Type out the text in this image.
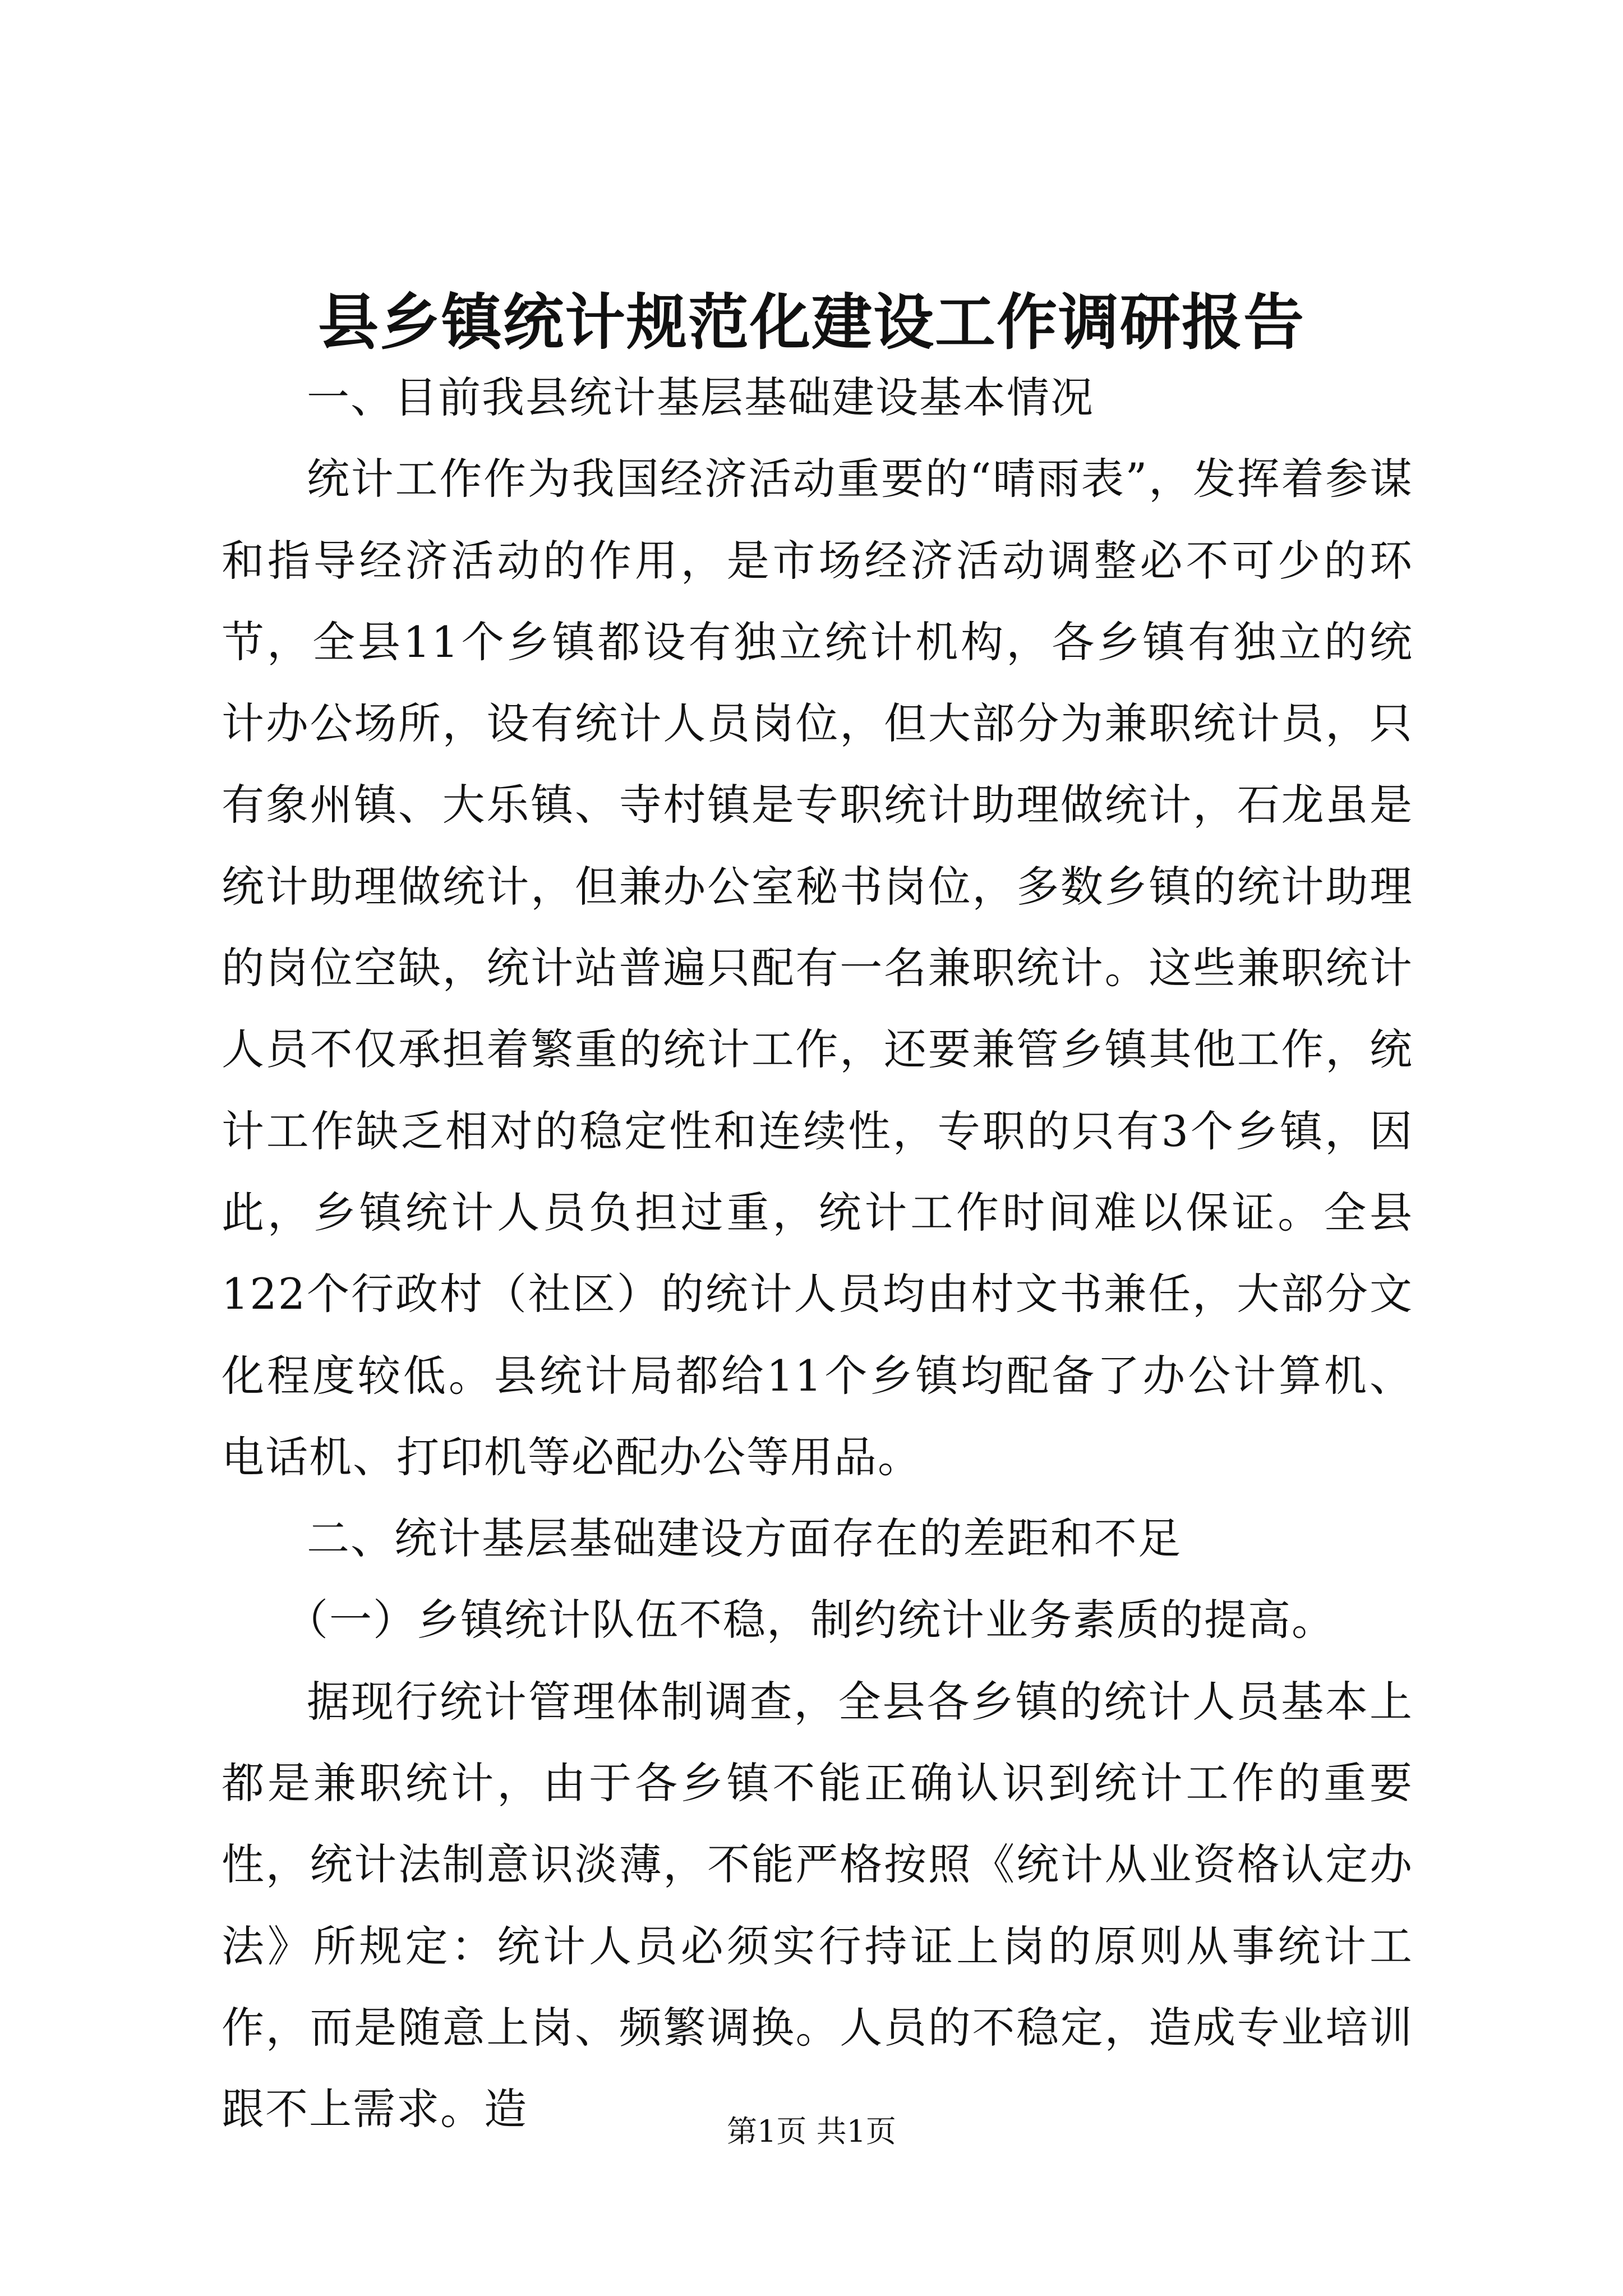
县乡镇统计规范化建设工作调研报告

一、目前我县统计基层基础建设基本情况

统计工作作为我国经济活动重要的“晴雨表”，发挥着参谋和指导经济活动的作用，是市场经济活动调整必不可少的环节，全县11个乡镇都设有独立统计机构，各乡镇有独立的统计办公场所，设有统计人员岗位，但大部分为兼职统计员，只有象州镇、大乐镇、寺村镇是专职统计助理做统计，石龙虽是统计助理做统计，但兼办公室秘书岗位，多数乡镇的统计助理的岗位空缺，统计站普遍只配有一名兼职统计。这些兼职统计人员不仅承担着繁重的统计工作，还要兼管乡镇其他工作，统计工作缺乏相对的稳定性和连续性，专职的只有3个乡镇，因此，乡镇统计人员负担过重，统计工作时间难以保证。全县122个行政村（社区）的统计人员均由村文书兼任，大部分文化程度较低。县统计局都给11个乡镇均配备了办公计算机、电话机、打印机等必配办公等用品。

二、统计基层基础建设方面存在的差距和不足

（一）乡镇统计队伍不稳，制约统计业务素质的提高。

据现行统计管理体制调查，全县各乡镇的统计人员基本上都是兼职统计，由于各乡镇不能正确认识到统计工作的重要性，统计法制意识淡薄，不能严格按照《统计从业资格认定办法》所规定：统计人员必须实行持证上岗的原则从事统计工作，而是随意上岗、频繁调换。人员的不稳定，造成专业培训跟不上需求。造	第1页 共1页
